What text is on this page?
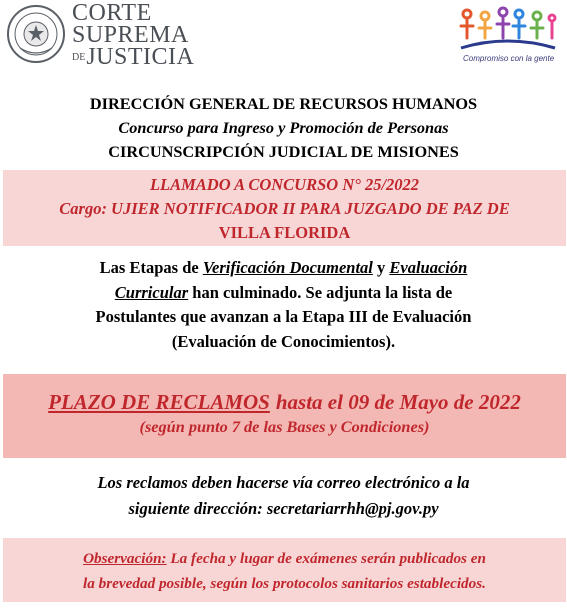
CORTE
SUPREMA
DEJUSTICIA	Compromiso con la gente
DIRECCIÓN GENERAL DE RECURSOS HUMANOS
Concurso para Ingreso y Promoción de Personas
CIRCUNSCRIPCIÓN JUDICIAL DE MISIONES
LLAMADO A CONCURSO N° 25/2022
Cargo: UJIER NOTIFICADOR II PARA JUZGADO DE PAZ DE
VILLA FLORIDA
Las Etapas de Verificación Documental y Evaluación
Curricular han culminado. Se adjunta la lista de
Postulantes que avanzan a la Etapa III de Evaluación
(Evaluación de Conocimientos).
PLAZO DE RECLAMOS hasta el 09 de Mayo de 2022
(según punto 7 de las Bases y Condiciones)
Los reclamos deben hacerse vía correo electrónico a la
siguiente dirección: secretariarrhh@pj.gov.py
Observación: La fecha y lugar de exámenes serán publicados en
la brevedad posible, según los protocolos sanitarios establecidos.
